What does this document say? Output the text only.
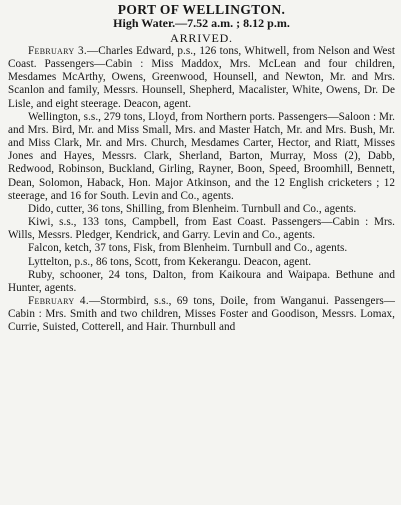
PORT OF WELLINGTON.

High Water.—7.52 a.m. ; 8.12 p.m.

ARRIVED.

February 3.—Charles Edward, p.s., 126 tons, Whitwell, from Nelson and West Coast. Passengers—Cabin : Miss Maddox, Mrs. McLean and four children, Mesdames McArthy, Owens, Greenwood, Hounsell, and Newton, Mr. and Mrs. Scanlon and family, Messrs. Hounsell, Shepherd, Macalister, White, Owens, Dr. De Lisle, and eight steerage. Deacon, agent.

Wellington, s.s., 279 tons, Lloyd, from Northern ports. Passengers—Saloon : Mr. and Mrs. Bird, Mr. and Miss Small, Mrs. and Master Hatch, Mr. and Mrs. Bush, Mr. and Miss Clark, Mr. and Mrs. Church, Mesdames Carter, Hector, and Riatt, Misses Jones and Hayes, Messrs. Clark, Sherland, Barton, Murray, Moss (2), Dabb, Redwood, Robinson, Buckland, Girling, Rayner, Boon, Speed, Broomhill, Bennett, Dean, Solomon, Haback, Hon. Major Atkinson, and the 12 English cricketers ; 12 steerage, and 16 for South. Levin and Co., agents.

Dido, cutter, 36 tons, Shilling, from Blenheim. Turnbull and Co., agents.

Kiwi, s.s., 133 tons, Campbell, from East Coast. Passengers—Cabin : Mrs. Wills, Messrs. Pledger, Kendrick, and Garry. Levin and Co., agents.

Falcon, ketch, 37 tons, Fisk, from Blenheim. Turnbull and Co., agents.

Lyttelton, p.s., 86 tons, Scott, from Kekerangu. Deacon, agent.

Ruby, schooner, 24 tons, Dalton, from Kaikoura and Waipapa. Bethune and Hunter, agents.

February 4.—Stormbird, s.s., 69 tons, Doile, from Wanganui. Passengers—Cabin : Mrs. Smith and two children, Misses Foster and Goodison, Messrs. Lomax, Currie, Suisted, Cotterell, and Hair. Thurnbull and
